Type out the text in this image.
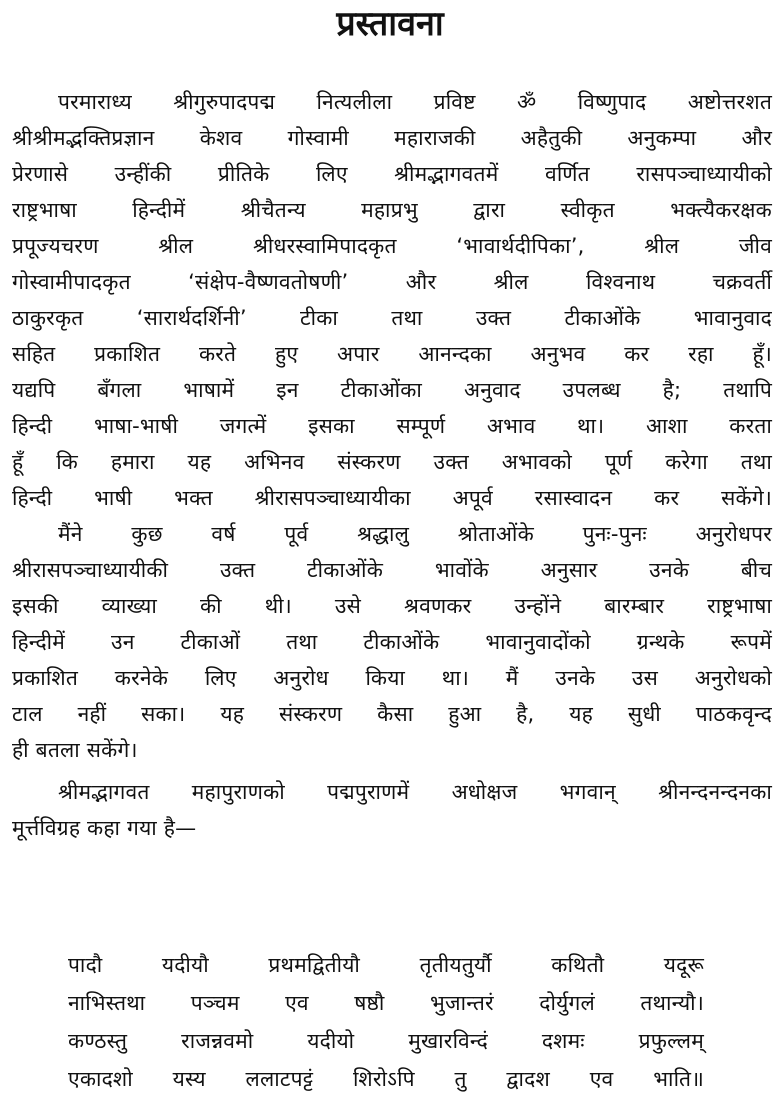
प्रस्तावना
परमाराध्य श्रीगुरुपादपद्म नित्यलीला प्रविष्ट ॐ विष्णुपाद अष्टोत्तरशत
श्रीश्रीमद्भक्तिप्रज्ञान केशव गोस्वामी महाराजकी अहैतुकी अनुकम्पा और
प्रेरणासे उन्हींकी प्रीतिके लिए श्रीमद्भागवतमें वर्णित रासपञ्चाध्यायीको
राष्ट्रभाषा हिन्दीमें श्रीचैतन्य महाप्रभु द्वारा स्वीकृत भक्त्यैकरक्षक
प्रपूज्यचरण श्रील श्रीधरस्वामिपादकृत ‘भावार्थदीपिका’, श्रील जीव
गोस्वामीपादकृत ‘संक्षेप-वैष्णवतोषणी’ और श्रील विश्वनाथ चक्रवर्ती
ठाकुरकृत ‘सारार्थदर्शिनी’ टीका तथा उक्त टीकाओंके भावानुवाद
सहित प्रकाशित करते हुए अपार आनन्दका अनुभव कर रहा हूँ।
यद्यपि बँगला भाषामें इन टीकाओंका अनुवाद उपलब्ध है; तथापि
हिन्दी भाषा-भाषी जगत्में इसका सम्पूर्ण अभाव था। आशा करता
हूँ कि हमारा यह अभिनव संस्करण उक्त अभावको पूर्ण करेगा तथा
हिन्दी भाषी भक्त श्रीरासपञ्चाध्यायीका अपूर्व रसास्वादन कर सकेंगे।
मैंने कुछ वर्ष पूर्व श्रद्धालु श्रोताओंके पुनः-पुनः अनुरोधपर
श्रीरासपञ्चाध्यायीकी उक्त टीकाओंके भावोंके अनुसार उनके बीच
इसकी व्याख्या की थी। उसे श्रवणकर उन्होंने बारम्बार राष्ट्रभाषा
हिन्दीमें उन टीकाओं तथा टीकाओंके भावानुवादोंको ग्रन्थके रूपमें
प्रकाशित करनेके लिए अनुरोध किया था। मैं उनके उस अनुरोधको
टाल नहीं सका। यह संस्करण कैसा हुआ है, यह सुधी पाठकवृन्द
ही बतला सकेंगे।
श्रीमद्भागवत महापुराणको पद्मपुराणमें अधोक्षज भगवान् श्रीनन्दनन्दनका
मूर्त्तविग्रह कहा गया है—
पादौ यदीयौ प्रथमद्वितीयौ तृतीयतुर्यौ कथितौ यदूरू
नाभिस्तथा पञ्चम एव षष्ठौ भुजान्तरं दोर्युगलं तथान्यौ।
कण्ठस्तु राजन्नवमो यदीयो मुखारविन्दं दशमः प्रफुल्लम्
एकादशो यस्य ललाटपट्टं शिरोऽपि तु द्वादश एव भाति॥
